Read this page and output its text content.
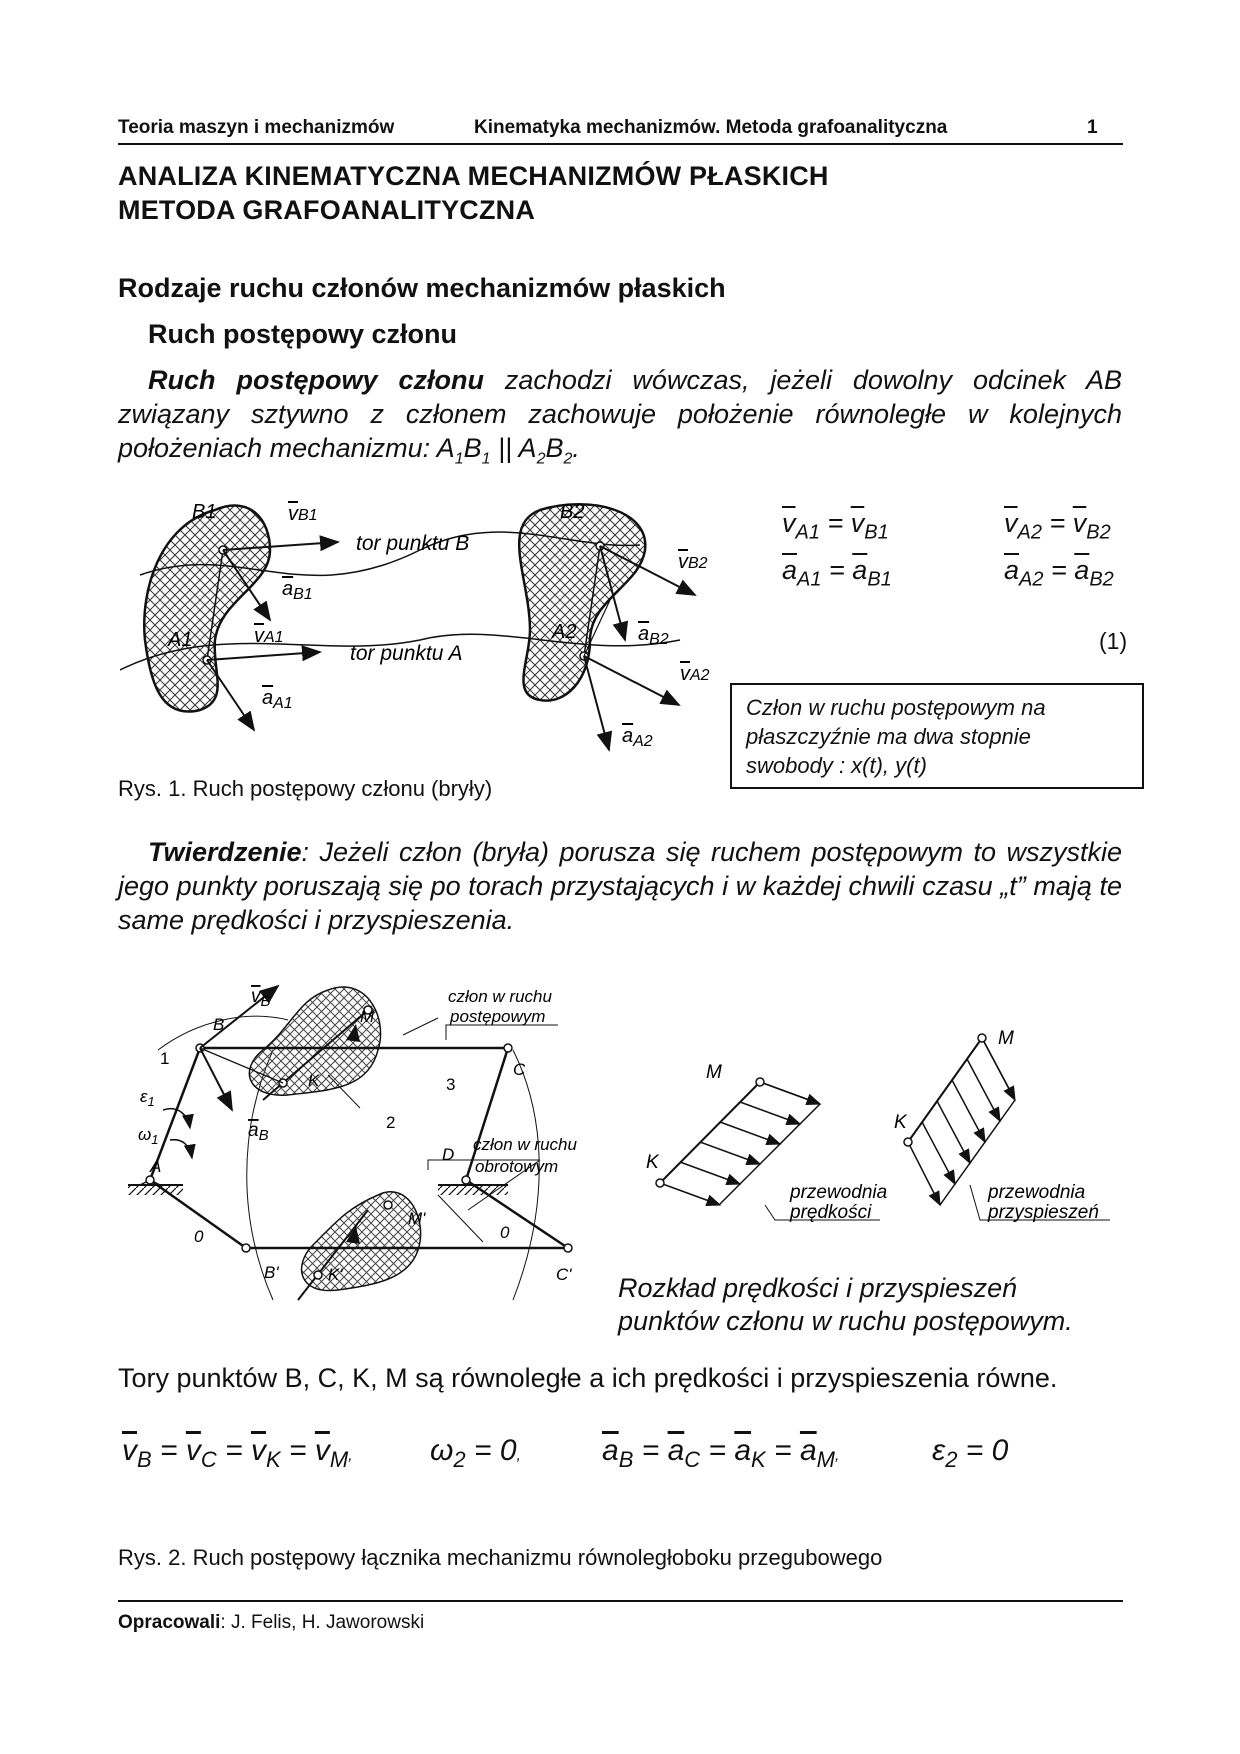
Teoria maszyn i mechanizmów	Kinematyka mechanizmów. Metoda grafoanalityczna	1
ANALIZA KINEMATYCZNA MECHANIZMÓW PŁASKICH
METODA GRAFOANALITYCZNA
Rodzaje ruchu członów mechanizmów płaskich
Ruch postępowy członu
Ruch postępowy członu zachodzi wówczas, jeżeli dowolny odcinek AB związany sztywno z członem zachowuje położenie równoległe w kolejnych położeniach mechanizmu: $A_1B_1$ || $A_2B_2$.
B1
A1
B2
A2
vB1
$a_{B1}$
vA1
$a_{A1}$
vB2
$a_{B2}$
vA2
$a_{A2}$
tor punktu B
tor punktu A
Rys. 1. Ruch postępowy członu (bryły)
$\overline{v}_{A1} = \overline{v}_{B1}$	$\overline{v}_{A2} = \overline{v}_{B2}$
$\overline{a}_{A1} = \overline{a}_{B1}$	$\overline{a}_{A2} = \overline{a}_{B2}$
(1)
Człon w ruchu postępowym na
płaszczyźnie ma dwa stopnie
swobody : x(t), y(t)
Twierdzenie: Jeżeli człon (bryła) porusza się ruchem postępowym to wszystkie jego punkty poruszają się po torach przystających i w każdej chwili czasu „t” mają te same prędkości i przyspieszenia.
$v_B$
B	M
K
1
$\varepsilon_1$
$\omega_1$	$a_B$
A
0
B'	K'
M'
2
3
C
D
0
C'
człon w ruchu
postępowym
człon w ruchu
obrotowym
M
K
M
K
przewodnia
prędkości
przewodnia
przyspieszeń
Rozkład prędkości i przyspieszeń
punktów członu w ruchu postępowym.
Tory punktów B, C, K, M są równoległe a ich prędkości i przyspieszenia równe.
$\overline{v}_B = \overline{v}_C = \overline{v}_K = \overline{v}_M$,	$\omega_2 = 0$,	$\overline{a}_B = \overline{a}_C = \overline{a}_K = \overline{a}_M$,	$\varepsilon_2 = 0$
Rys. 2. Ruch postępowy łącznika mechanizmu równoległoboku przegubowego
Opracowali: J. Felis, H. Jaworowski
